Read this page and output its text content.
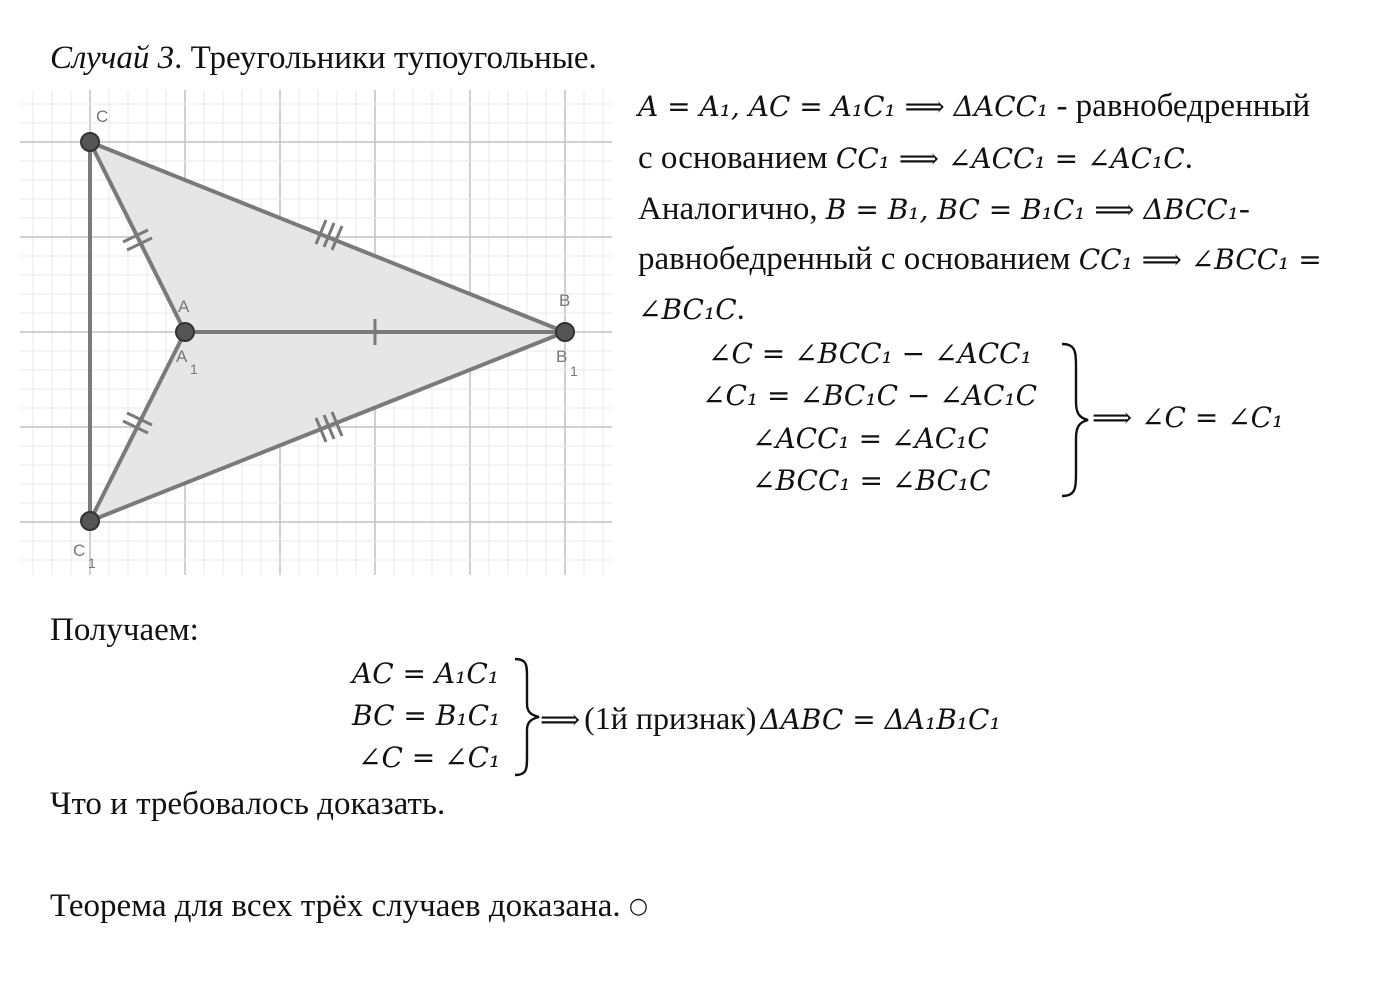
Случай 3. Треугольники тупоугольные.
C
A	B
A
1
B
1
C
1
A = A₁, AC = A₁C₁ ⟹ ΔACC₁ - равнобедренный
с основанием CC₁ ⟹ ∠ACC₁ = ∠AC₁C.
Аналогично, B = B₁, BC = B₁C₁ ⟹ ΔBCC₁-
равнобедренный с основанием CC₁ ⟹ ∠BCC₁ =
∠BC₁C.
∠C = ∠BCC₁ − ∠ACC₁
∠C₁ = ∠BC₁C − ∠AC₁C
∠ACC₁ = ∠AC₁C
∠BCC₁ = ∠BC₁C
⟹ ∠C = ∠C₁
Получаем:
AC = A₁C₁
BC = B₁C₁
∠C = ∠C₁
⟹ (1й признак) ΔABC = ΔA₁B₁C₁
Что и требовалось доказать.
Теорема для всех трёх случаев доказана. ○
